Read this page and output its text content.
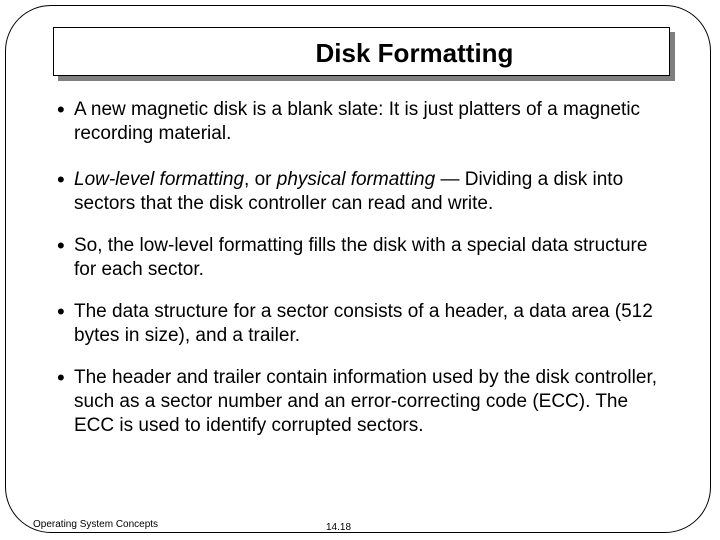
Disk Formatting
• A new magnetic disk is a blank slate: It is just platters of a magnetic recording material.
• Low-level formatting, or physical formatting — Dividing a disk into sectors that the disk controller can read and write.
• So, the low-level formatting fills the disk with a special data structure for each sector.
• The data structure for a sector consists of a header, a data area (512 bytes in size), and a trailer.
• The header and trailer contain information used by the disk controller, such as a sector number and an error-correcting code (ECC). The ECC is used to identify corrupted sectors.
Operating System Concepts	14.18
